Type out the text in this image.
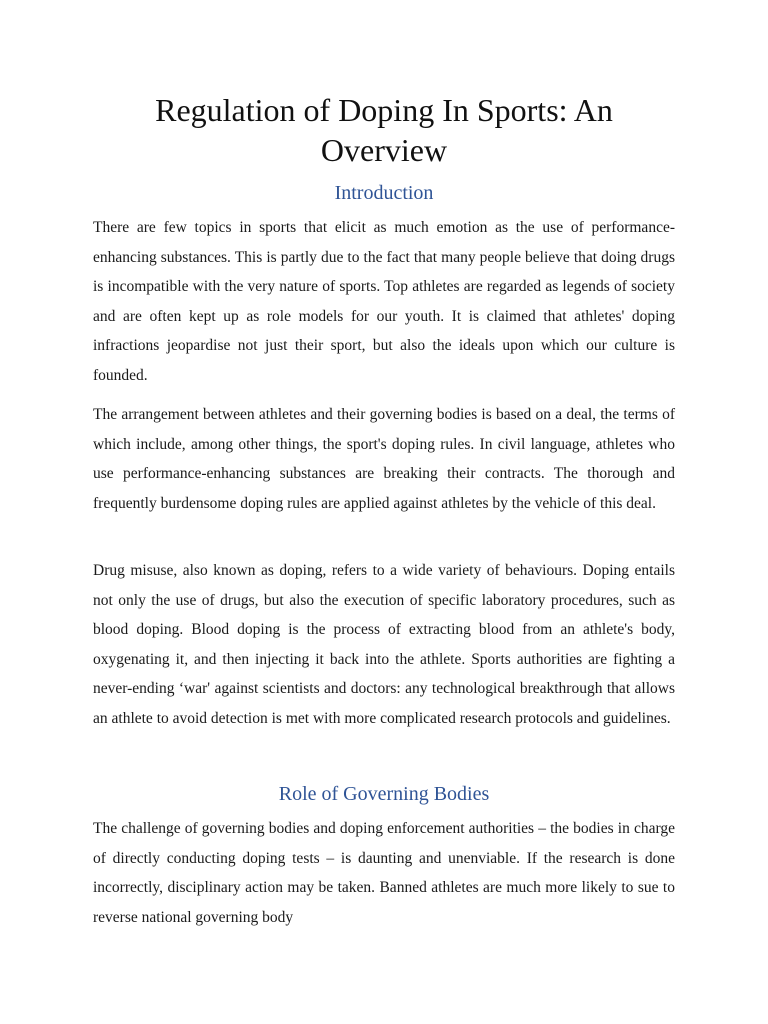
Regulation of Doping In Sports: An Overview
Introduction

There are few topics in sports that elicit as much emotion as the use of performance-enhancing substances. This is partly due to the fact that many people believe that doing drugs is incompatible with the very nature of sports. Top athletes are regarded as legends of society and are often kept up as role models for our youth. It is claimed that athletes' doping infractions jeopardise not just their sport, but also the ideals upon which our culture is founded.

The arrangement between athletes and their governing bodies is based on a deal, the terms of which include, among other things, the sport's doping rules. In civil language, athletes who use performance-enhancing substances are breaking their contracts. The thorough and frequently burdensome doping rules are applied against athletes by the vehicle of this deal.

Drug misuse, also known as doping, refers to a wide variety of behaviours. Doping entails not only the use of drugs, but also the execution of specific laboratory procedures, such as blood doping. Blood doping is the process of extracting blood from an athlete's body, oxygenating it, and then injecting it back into the athlete. Sports authorities are fighting a never-ending ‘war' against scientists and doctors: any technological breakthrough that allows an athlete to avoid detection is met with more complicated research protocols and guidelines.

Role of Governing Bodies

The challenge of governing bodies and doping enforcement authorities – the bodies in charge of directly conducting doping tests – is daunting and unenviable. If the research is done incorrectly, disciplinary action may be taken. Banned athletes are much more likely to sue to reverse national governing body
